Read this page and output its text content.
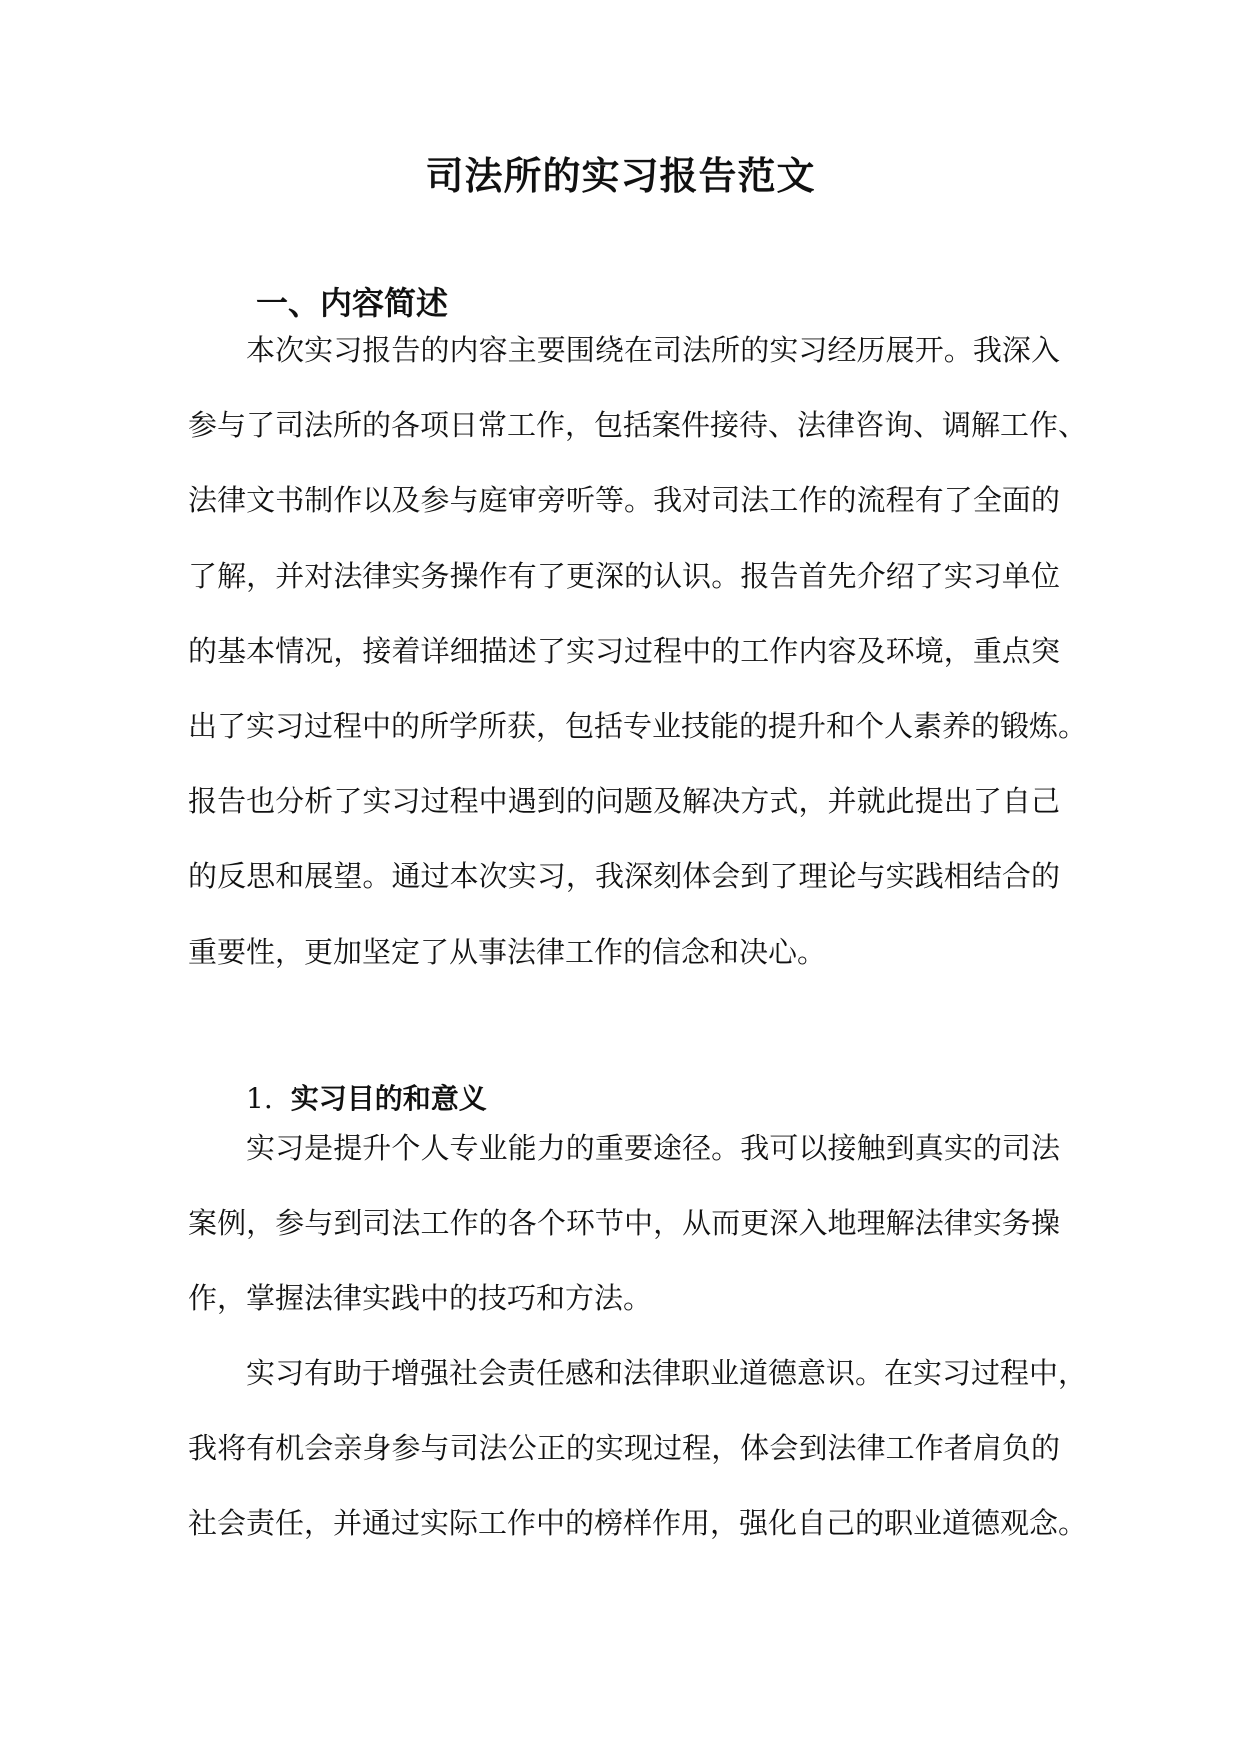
司法所的实习报告范文
一、内容简述

本次实习报告的内容主要围绕在司法所的实习经历展开。我深入
参与了司法所的各项日常工作，包括案件接待、法律咨询、调解工作、
法律文书制作以及参与庭审旁听等。我对司法工作的流程有了全面的
了解，并对法律实务操作有了更深的认识。报告首先介绍了实习单位
的基本情况，接着详细描述了实习过程中的工作内容及环境，重点突
出了实习过程中的所学所获，包括专业技能的提升和个人素养的锻炼。
报告也分析了实习过程中遇到的问题及解决方式，并就此提出了自己
的反思和展望。通过本次实习，我深刻体会到了理论与实践相结合的
重要性，更加坚定了从事法律工作的信念和决心。

1. 实习目的和意义

实习是提升个人专业能力的重要途径。我可以接触到真实的司法
案例，参与到司法工作的各个环节中，从而更深入地理解法律实务操
作，掌握法律实践中的技巧和方法。

实习有助于增强社会责任感和法律职业道德意识。在实习过程中，
我将有机会亲身参与司法公正的实现过程，体会到法律工作者肩负的
社会责任，并通过实际工作中的榜样作用，强化自己的职业道德观念。
